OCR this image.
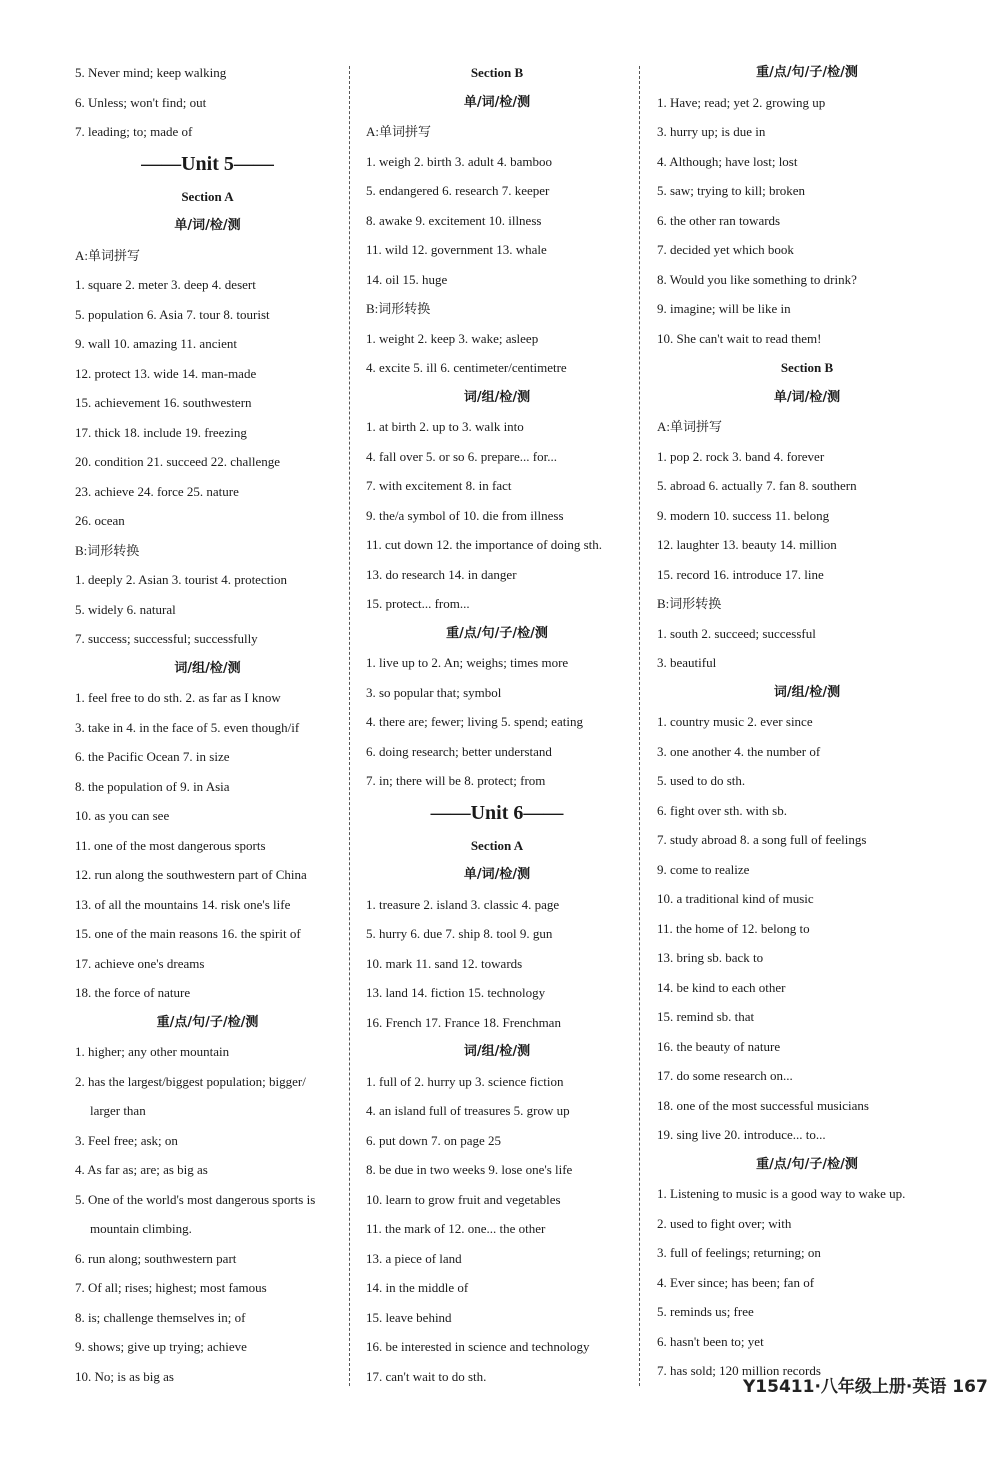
5. Never mind; keep walking
6. Unless; won't find; out
7. leading; to; made of
——Unit 5——
Section A
单/词/检/测
A:单词拼写
1. square 2. meter 3. deep 4. desert
5. population 6. Asia 7. tour 8. tourist
9. wall 10. amazing 11. ancient
12. protect 13. wide 14. man-made
15. achievement 16. southwestern
17. thick 18. include 19. freezing
20. condition 21. succeed 22. challenge
23. achieve 24. force 25. nature
26. ocean
B:词形转换
1. deeply 2. Asian 3. tourist 4. protection
5. widely 6. natural
7. success; successful; successfully
词/组/检/测
1. feel free to do sth. 2. as far as I know
3. take in 4. in the face of 5. even though/if
6. the Pacific Ocean 7. in size
8. the population of 9. in Asia
10. as you can see
11. one of the most dangerous sports
12. run along the southwestern part of China
13. of all the mountains 14. risk one's life
15. one of the main reasons 16. the spirit of
17. achieve one's dreams
18. the force of nature
重/点/句/子/检/测
1. higher; any other mountain
2. has the largest/biggest population; bigger/
larger than
3. Feel free; ask; on
4. As far as; are; as big as
5. One of the world's most dangerous sports is
mountain climbing.
6. run along; southwestern part
7. Of all; rises; highest; most famous
8. is; challenge themselves in; of
9. shows; give up trying; achieve
10. No; is as big as
Section B
单/词/检/测
A:单词拼写
1. weigh 2. birth 3. adult 4. bamboo
5. endangered 6. research 7. keeper
8. awake 9. excitement 10. illness
11. wild 12. government 13. whale
14. oil 15. huge
B:词形转换
1. weight 2. keep 3. wake; asleep
4. excite 5. ill 6. centimeter/centimetre
词/组/检/测
1. at birth 2. up to 3. walk into
4. fall over 5. or so 6. prepare... for...
7. with excitement 8. in fact
9. the/a symbol of 10. die from illness
11. cut down 12. the importance of doing sth.
13. do research 14. in danger
15. protect... from...
重/点/句/子/检/测
1. live up to 2. An; weighs; times more
3. so popular that; symbol
4. there are; fewer; living 5. spend; eating
6. doing research; better understand
7. in; there will be 8. protect; from
——Unit 6——
Section A
单/词/检/测
1. treasure 2. island 3. classic 4. page
5. hurry 6. due 7. ship 8. tool 9. gun
10. mark 11. sand 12. towards
13. land 14. fiction 15. technology
16. French 17. France 18. Frenchman
词/组/检/测
1. full of 2. hurry up 3. science fiction
4. an island full of treasures 5. grow up
6. put down 7. on page 25
8. be due in two weeks 9. lose one's life
10. learn to grow fruit and vegetables
11. the mark of 12. one... the other
13. a piece of land
14. in the middle of
15. leave behind
16. be interested in science and technology
17. can't wait to do sth.
重/点/句/子/检/测
1. Have; read; yet 2. growing up
3. hurry up; is due in
4. Although; have lost; lost
5. saw; trying to kill; broken
6. the other ran towards
7. decided yet which book
8. Would you like something to drink?
9. imagine; will be like in
10. She can't wait to read them!
Section B
单/词/检/测
A:单词拼写
1. pop 2. rock 3. band 4. forever
5. abroad 6. actually 7. fan 8. southern
9. modern 10. success 11. belong
12. laughter 13. beauty 14. million
15. record 16. introduce 17. line
B:词形转换
1. south 2. succeed; successful
3. beautiful
词/组/检/测
1. country music 2. ever since
3. one another 4. the number of
5. used to do sth.
6. fight over sth. with sb.
7. study abroad 8. a song full of feelings
9. come to realize
10. a traditional kind of music
11. the home of 12. belong to
13. bring sb. back to
14. be kind to each other
15. remind sb. that
16. the beauty of nature
17. do some research on...
18. one of the most successful musicians
19. sing live 20. introduce... to...
重/点/句/子/检/测
1. Listening to music is a good way to wake up.
2. used to fight over; with
3. full of feelings; returning; on
4. Ever since; has been; fan of
5. reminds us; free
6. hasn't been to; yet
7. has sold; 120 million records
Y15411·八年级上册·英语 167
